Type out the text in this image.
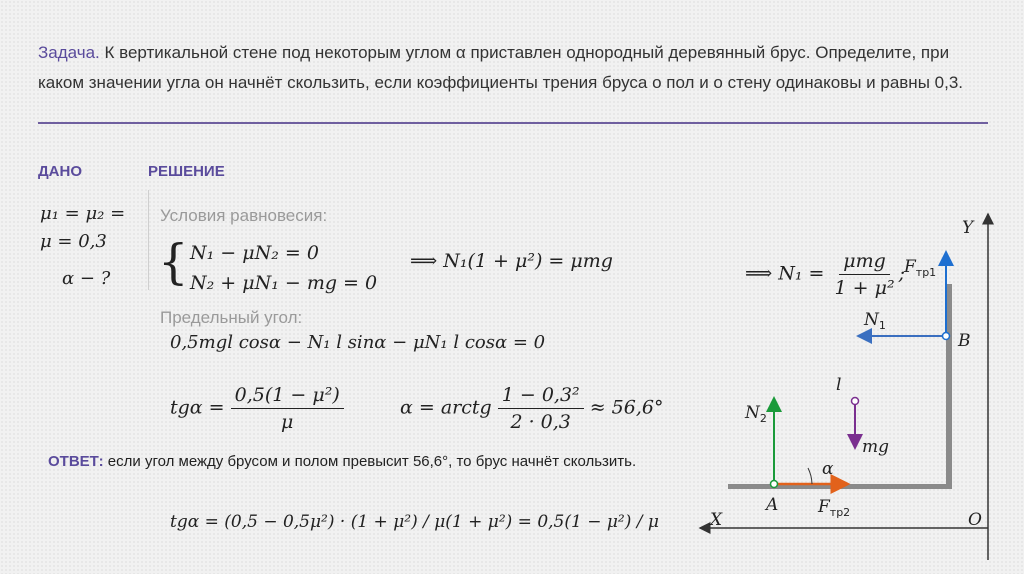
Задача. К вертикальной стене под некоторым углом α приставлен однородный деревянный брус. Определите, при каком значении угла он начнёт скользить, если коэффициенты трения бруса о пол и о стену одинаковы и равны 0,3.
ДАНО	РЕШЕНИЕ
μ₁ = μ₂ = μ = 0,3
α − ?
Условия равновесия:
{ N₁ − μN₂ = 0
N₂ + μN₁ − mg = 0
⟹ N₁(1 + μ²) = μmg
⟹ $N_1 = \frac{\text{μmg}}{\text{1 + μ²}}$ ;
Предельный угол:
0,5mgl cosα − N₁ l sinα − μN₁ l cosα = 0
$tg\alpha = \frac{\text{0,5(1 − μ²)}}{\mu}$	α = arctg $\frac{\text{1 − 0,3²}}{2 \cdot 0,3} \approx 56,6^\circ$
ОТВЕТ: если угол между брусом и полом превысит 56,6°, то брус начнёт скользить.
tgα = (0,5 − 0,5μ²) · (1 + μ²) / μ(1 + μ²) = 0,5(1 − μ²) / μ
Y
X	O
A
B
l
α
mg
$F_{тр1}$
$N_1$
$N_2$
$F_{тр2}$
